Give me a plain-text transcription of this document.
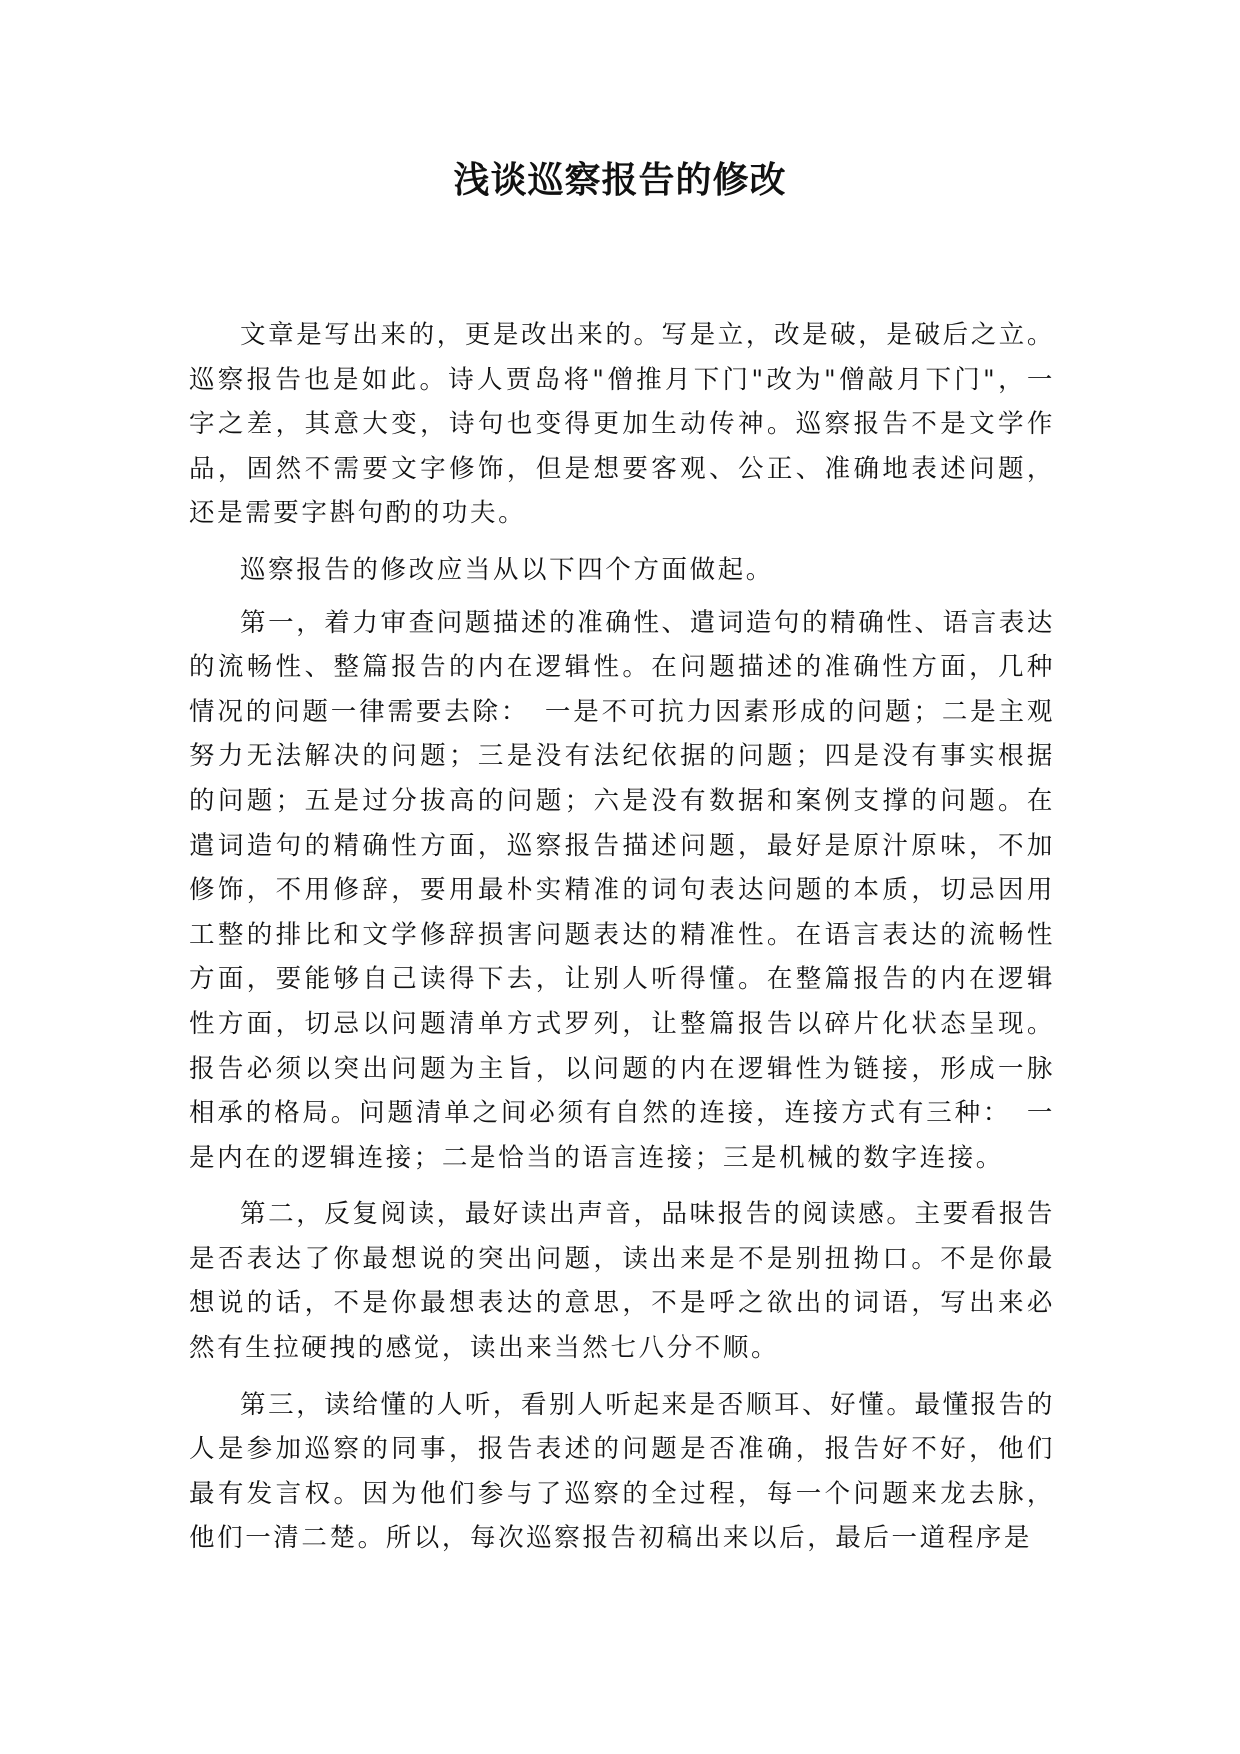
浅谈巡察报告的修改

文章是写出来的，更是改出来的。写是立，改是破，是破后之立。巡察报告也是如此。诗人贾岛将"僧推月下门"改为"僧敲月下门"，一字之差，其意大变，诗句也变得更加生动传神。巡察报告不是文学作品，固然不需要文字修饰，但是想要客观、公正、准确地表述问题，还是需要字斟句酌的功夫。

巡察报告的修改应当从以下四个方面做起。

第一，着力审查问题描述的准确性、遣词造句的精确性、语言表达的流畅性、整篇报告的内在逻辑性。在问题描述的准确性方面，几种情况的问题一律需要去除：　一是不可抗力因素形成的问题；二是主观努力无法解决的问题；三是没有法纪依据的问题；四是没有事实根据的问题；五是过分拔高的问题；六是没有数据和案例支撑的问题。在遣词造句的精确性方面，巡察报告描述问题，最好是原汁原味，不加修饰，不用修辞，要用最朴实精准的词句表达问题的本质，切忌因用工整的排比和文学修辞损害问题表达的精准性。在语言表达的流畅性方面，要能够自己读得下去，让别人听得懂。在整篇报告的内在逻辑性方面，切忌以问题清单方式罗列，让整篇报告以碎片化状态呈现。报告必须以突出问题为主旨，以问题的内在逻辑性为链接，形成一脉相承的格局。问题清单之间必须有自然的连接，连接方式有三种：　一是内在的逻辑连接；二是恰当的语言连接；三是机械的数字连接。

第二，反复阅读，最好读出声音，品味报告的阅读感。主要看报告是否表达了你最想说的突出问题，读出来是不是别扭拗口。不是你最想说的话，不是你最想表达的意思，不是呼之欲出的词语，写出来必然有生拉硬拽的感觉，读出来当然七八分不顺。

第三，读给懂的人听，看别人听起来是否顺耳、好懂。最懂报告的人是参加巡察的同事，报告表述的问题是否准确，报告好不好，他们最有发言权。因为他们参与了巡察的全过程，每一个问题来龙去脉，他们一清二楚。所以，每次巡察报告初稿出来以后，最后一道程序是
